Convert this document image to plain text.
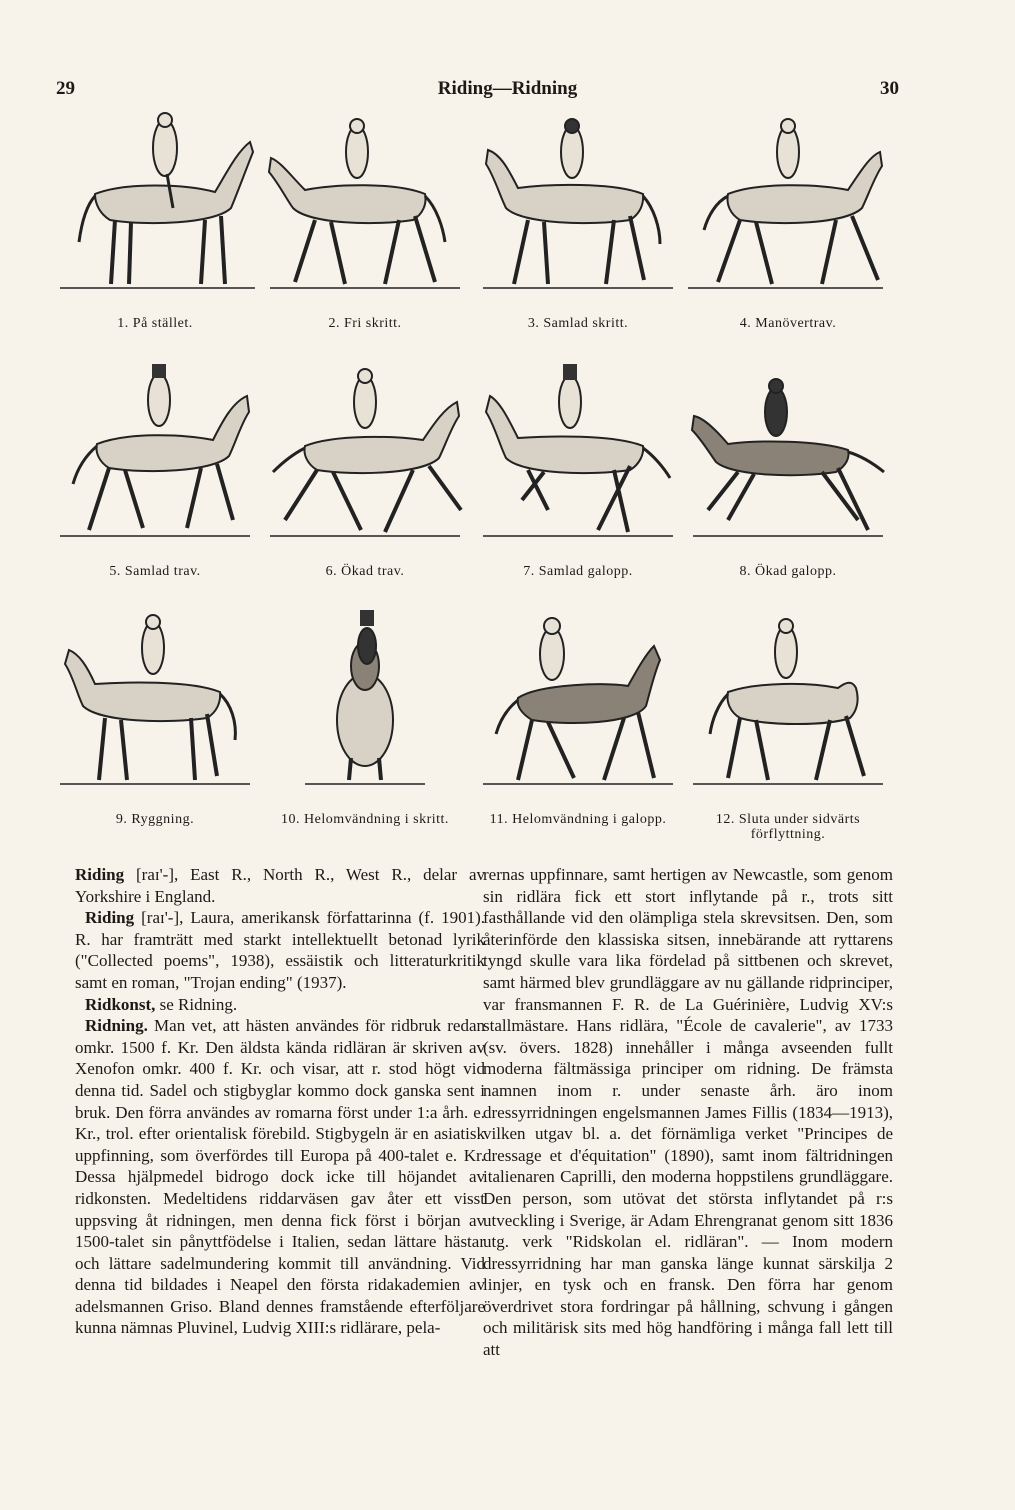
29	Riding—Ridning	30
1. På stället.	2. Fri skritt.	3. Samlad skritt.	4. Manövertrav.
5. Samlad trav.	6. Ökad trav.	7. Samlad galopp.	8. Ökad galopp.
9. Ryggning.	10. Helomvändning i skritt.	11. Helomvändning i galopp.	12. Sluta under sidvärts förflyttning.

Riding [raɪ'-], East R., North R., West R., delar av Yorkshire i England.

Riding [raɪ'-], Laura, amerikansk författarinna (f. 1901). R. har framträtt med starkt intellektuellt betonad lyrik ("Collected poems", 1938), essäistik och litteraturkritik samt en roman, "Trojan ending" (1937).

Ridkonst, se Ridning.

Ridning. Man vet, att hästen användes för ridbruk redan omkr. 1500 f. Kr. Den äldsta kända ridläran är skriven av Xenofon omkr. 400 f. Kr. och visar, att r. stod högt vid denna tid. Sadel och stigbyglar kommo dock ganska sent i bruk. Den förra användes av romarna först under 1:a årh. e. Kr., trol. efter orientalisk förebild. Stigbygeln är en asiatisk uppfinning, som överfördes till Europa på 400-talet e. Kr. Dessa hjälpmedel bidrogo dock icke till höjandet av ridkonsten. Medeltidens riddarväsen gav åter ett visst uppsving åt ridningen, men denna fick först i början av 1500-talet sin pånyttfödelse i Italien, sedan lättare hästar och lättare sadelmundering kommit till användning. Vid denna tid bildades i Neapel den första ridakademien av adelsmannen Griso. Bland dennes framstående efterföljare kunna nämnas Pluvinel, Ludvig XIII:s ridlärare, pela-

rernas uppfinnare, samt hertigen av Newcastle, som genom sin ridlära fick ett stort inflytande på r., trots sitt fasthållande vid den olämpliga stela skrevsitsen. Den, som återinförde den klassiska sitsen, innebärande att ryttarens tyngd skulle vara lika fördelad på sittbenen och skrevet, samt härmed blev grundläggare av nu gällande ridprinciper, var fransmannen F. R. de La Guérinière, Ludvig XV:s stallmästare. Hans ridlära, "École de cavalerie", av 1733 (sv. övers. 1828) innehåller i många avseenden fullt moderna fältmässiga principer om ridning. De främsta namnen inom r. under senaste årh. äro inom dressyrridningen engelsmannen James Fillis (1834—1913), vilken utgav bl. a. det förnämliga verket "Principes de dressage et d'équitation" (1890), samt inom fältridningen italienaren Caprilli, den moderna hoppstilens grundläggare. Den person, som utövat det största inflytandet på r:s utveckling i Sverige, är Adam Ehrengranat genom sitt 1836 utg. verk "Ridskolan el. ridläran". — Inom modern dressyrridning har man ganska länge kunnat särskilja 2 linjer, en tysk och en fransk. Den förra har genom överdrivet stora fordringar på hållning, schvung i gången och militärisk sits med hög handföring i många fall lett till att
